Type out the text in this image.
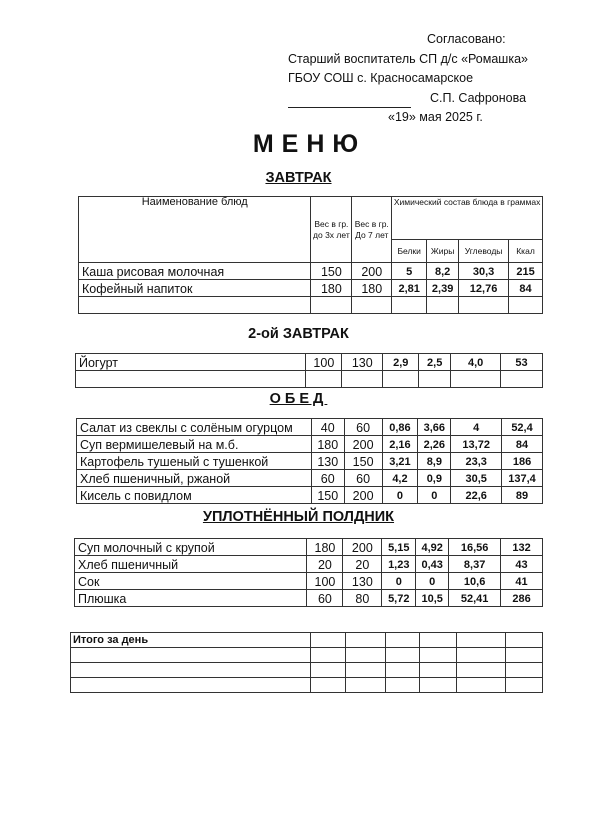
Согласовано:
Старший воспитатель СП д/с «Ромашка»
ГБОУ СОШ с. Красносамарское
С.П. Сафронова
«19» мая 2025 г.
МЕНЮ
ЗАВТРАК
Наименование блюд	Вес в гр. до 3х лет	Вес в гр. До 7 лет	Химический состав блюда в граммах			
			Белки	Жиры	Углеводы	Ккал
Каша рисовая молочная	150	200	5	8,2	30,3	215
Кофейный напиток	180	180	2,81	2,39	12,76	84

2-ой ЗАВТРАК
Йогурт	100	130	2,9	2,5	4,0	53

ОБЕД
Салат из свеклы с солёным огурцом	40	60	0,86	3,66	4	52,4
Суп вермишелевый на м.б.	180	200	2,16	2,26	13,72	84
Картофель тушеный с тушенкой	130	150	3,21	8,9	23,3	186
Хлеб пшеничный, ржаной	60	60	4,2	0,9	30,5	137,4
Кисель с повидлом	150	200	0	0	22,6	89
УПЛОТНЁННЫЙ ПОЛДНИК
Суп молочный с крупой	180	200	5,15	4,92	16,56	132
Хлеб пшеничный	20	20	1,23	0,43	8,37	43
Сок	100	130	0	0	10,6	41
Плюшка	60	80	5,72	10,5	52,41	286
Итого за день						
